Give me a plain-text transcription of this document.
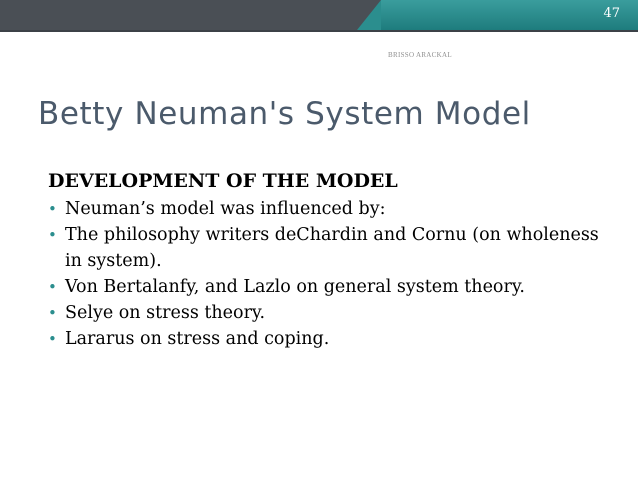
47
BRISSO ARACKAL
Betty Neuman's System Model
DEVELOPMENT OF THE MODEL
• Neuman’s model was influenced by:
• The philosophy writers deChardin and Cornu (on wholeness in system).
• Von Bertalanfy, and Lazlo on general system theory.
• Selye on stress theory.
• Lararus on stress and coping.
